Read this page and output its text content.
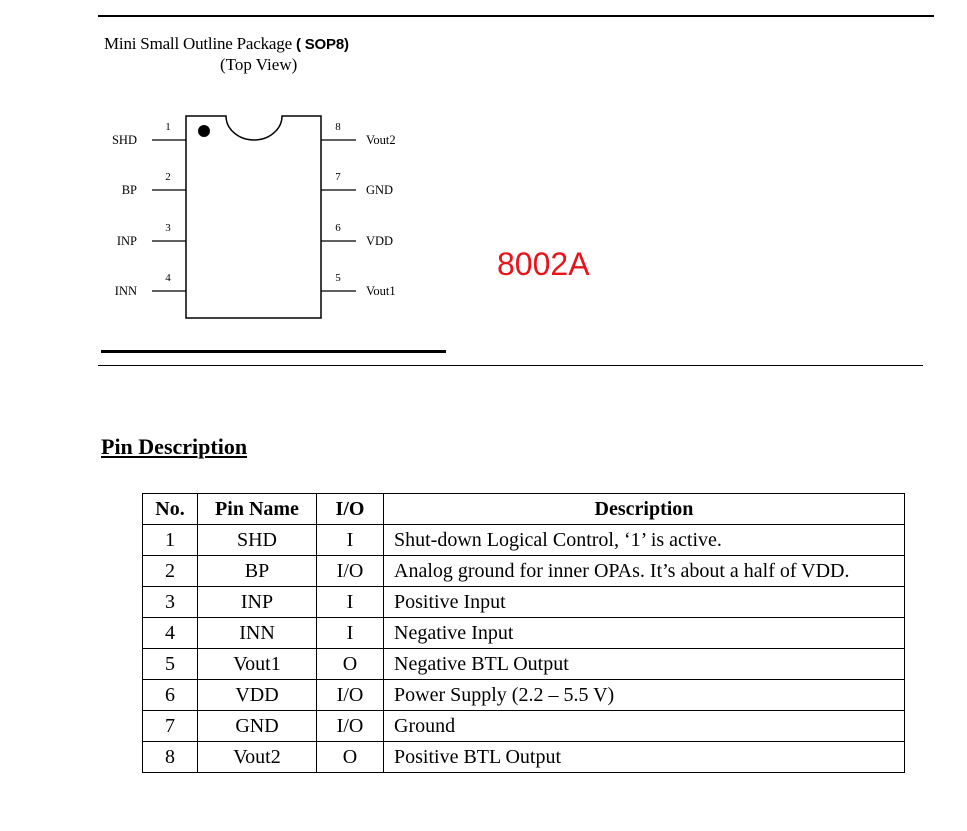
Mini Small Outline Package ( SOP8)
(Top View)
1
SHD
2
BP
3
INP
4
INN
8
Vout2
7
GND
6
VDD
5
Vout1
8002A
Pin Description
No.	Pin Name	I/O	Description
1	SHD	I	Shut-down Logical Control, ‘1’ is active.
2	BP	I/O	Analog ground for inner OPAs. It’s about a half of VDD.
3	INP	I	Positive Input
4	INN	I	Negative Input
5	Vout1	O	Negative BTL Output
6	VDD	I/O	Power Supply (2.2 – 5.5 V)
7	GND	I/O	Ground
8	Vout2	O	Positive BTL Output
